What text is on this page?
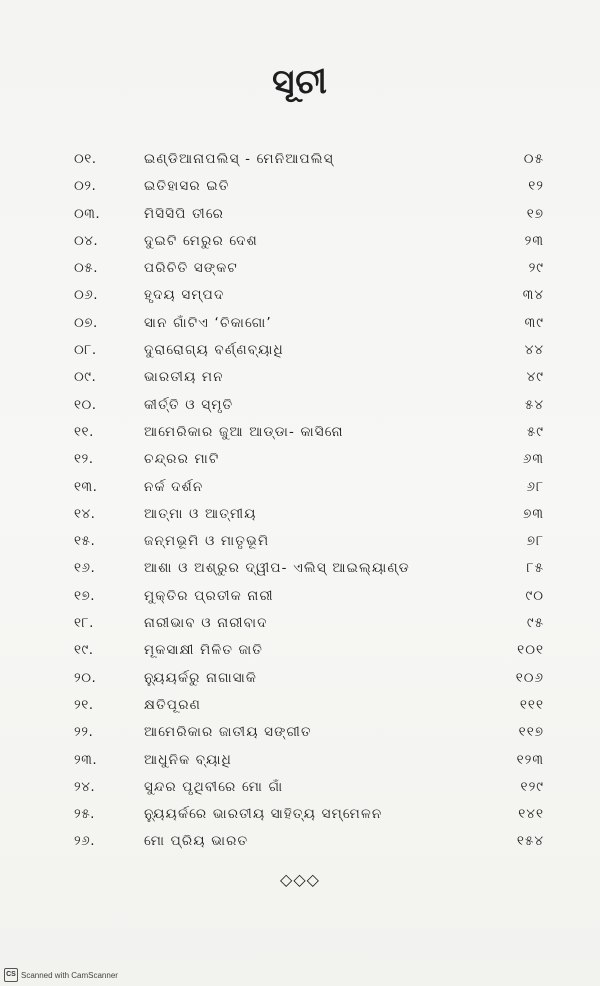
ସୂଚୀ
୦୧.	ଇଣ୍ଡିଆନାପଲିସ୍ - ମେନିଆପଲିସ୍	୦୫
୦୨.	ଇତିହାସର ଇତି	୧୨
୦୩.	ମିସିସିପି ତୀରେ	୧୭
୦୪.	ଦୁଇଟି ମେରୁର ଦେଶ	୨୩
୦୫.	ପରିଚିତି ସଙ୍କଟ	୨୯
୦୬.	ହୃଦୟ ସମ୍ପଦ	୩୪
୦୭.	ସାନ ଗାଁଟିଏ ‘ଚିକାଗୋ’	୩୯
୦୮.	ଦୁରାରୋଗ୍ୟ ବର୍ଣ୍ଣବ୍ୟାଧି	୪୪
୦୯.	ଭାରତୀୟ ମନ	୪୯
୧୦.	କୀର୍ତ୍ତି ଓ ସ୍ମୃତି	୫୪
୧୧.	ଆମେରିକାର ଜୁଆ ଆଡ୍ଡା- କାସିନୋ	୫୯
୧୨.	ଚନ୍ଦ୍ରର ମାଟି	୬୩
୧୩.	ନର୍କ ଦର୍ଶନ	୬୮
୧୪.	ଆତ୍ମା ଓ ଆତ୍ମୀୟ	୭୩
୧୫.	ଜନ୍ମଭୂମି ଓ ମାତୃଭୂମି	୭୮
୧୬.	ଆଶା ଓ ଅଶ୍ରୁର ଦ୍ୱୀପ- ଏଲିସ୍ ଆଇଲ୍ୟାଣ୍ଡ	୮୫
୧୭.	ମୁକ୍ତିର ପ୍ରତୀକ ନାରୀ	୯୦
୧୮.	ନାରୀଭାବ ଓ ନାରୀବାଦ	୯୫
୧୯.	ମୂକସାକ୍ଷୀ ମିଳିତ ଜାତି	୧୦୧
୨୦.	ନ୍ୟୁୟର୍କରୁ ନାଗାସାକି	୧୦୬
୨୧.	କ୍ଷତିପୂରଣ	୧୧୧
୨୨.	ଆମେରିକାର ଜାତୀୟ ସଙ୍ଗୀତ	୧୧୭
୨୩.	ଆଧୁନିକ ବ୍ୟାଧି	୧୨୩
୨୪.	ସୁନ୍ଦର ପୃଥିବୀରେ ମୋ ଗାଁ	୧୨୯
୨୫.	ନ୍ୟୁୟର୍କରେ ଭାରତୀୟ ସାହିତ୍ୟ ସମ୍ମେଳନ	୧୪୧
୨୬.	ମୋ ପ୍ରିୟ ଭାରତ	୧୫୪
◇◇◇
CS Scanned with CamScanner
